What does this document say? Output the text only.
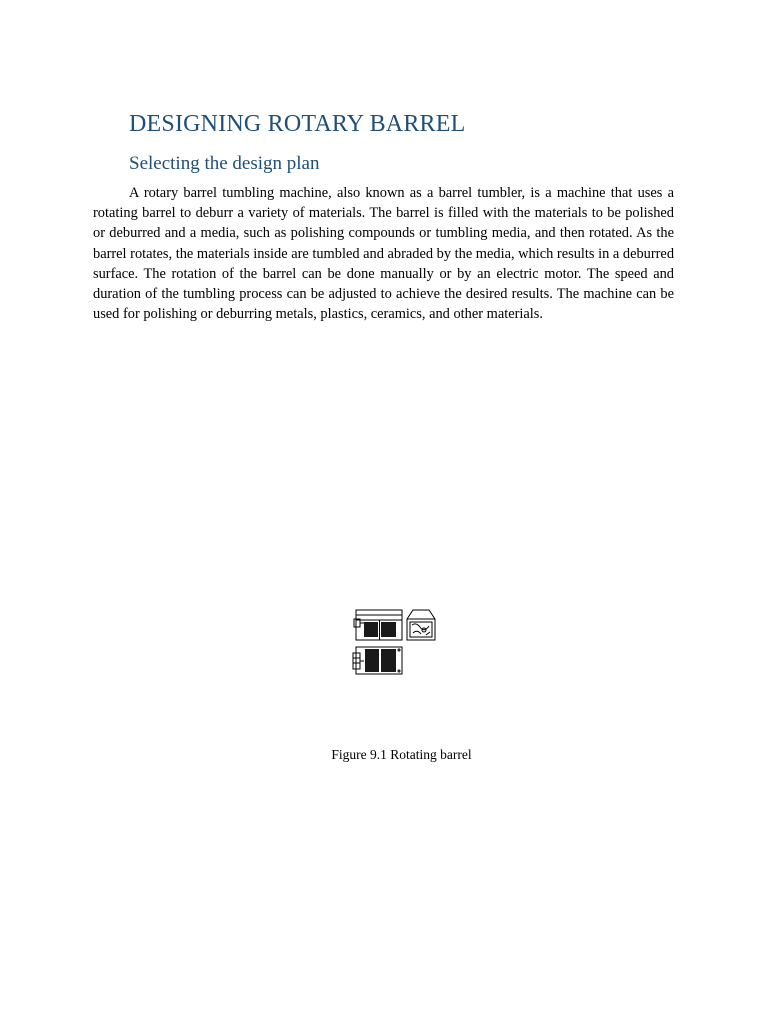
DESIGNING ROTARY BARREL
Selecting the design plan

A rotary barrel tumbling machine, also known as a barrel tumbler, is a machine that uses a rotating barrel to deburr a variety of materials. The barrel is filled with the materials to be polished or deburred and a media, such as polishing compounds or tumbling media, and then rotated. As the barrel rotates, the materials inside are tumbled and abraded by the media, which results in a deburred surface. The rotation of the barrel can be done manually or by an electric motor. The speed and duration of the tumbling process can be adjusted to achieve the desired results. The machine can be used for polishing or deburring metals, plastics, ceramics, and other materials.

Figure 9.1 Rotating barrel
